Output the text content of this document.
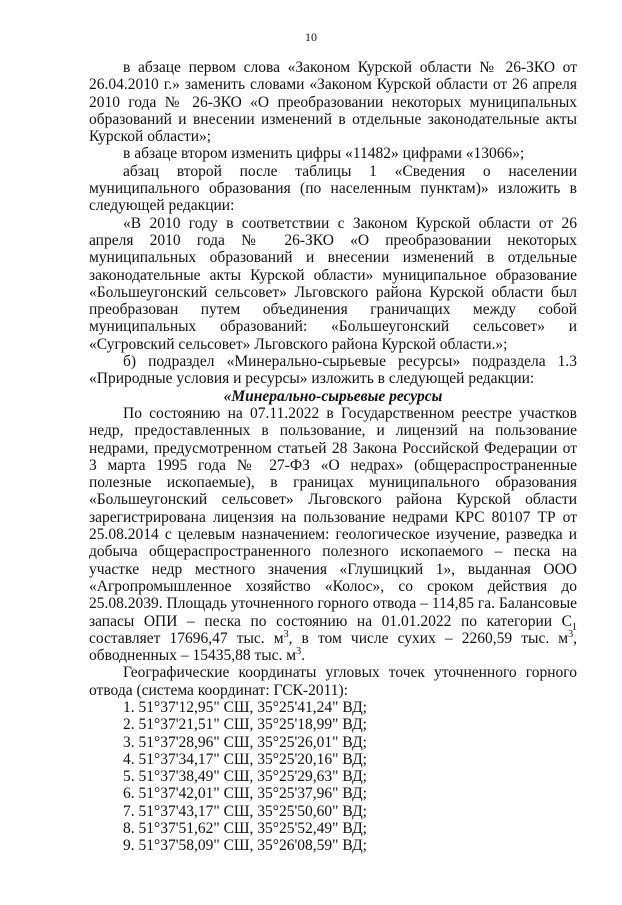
10

в абзаце первом слова «Законом Курской области № 26-ЗКО от 26.04.2010 г.» заменить словами «Законом Курской области от 26 апреля 2010 года № 26-ЗКО «О преобразовании некоторых муниципальных образований и внесении изменений в отдельные законодательные акты Курской области»;

в абзаце втором изменить цифры «11482» цифрами «13066»;

абзац второй после таблицы 1 «Сведения о населении муниципального образования (по населенным пунктам)» изложить в следующей редакции:

«В 2010 году в соответствии с Законом Курской области от 26 апреля 2010 года № 26-ЗКО «О преобразовании некоторых муниципальных образований и внесении изменений в отдельные законодательные акты Курской области» муниципальное образование «Большеугонский сельсовет» Льговского района Курской области был преобразован путем объединения граничащих между собой муниципальных образований: «Большеугонский сельсовет» и «Сугровский сельсовет» Льговского района Курской области.»;

б) подраздел «Минерально-сырьевые ресурсы» подраздела 1.3 «Природные условия и ресурсы» изложить в следующей редакции:

«Минерально-сырьевые ресурсы

По состоянию на 07.11.2022 в Государственном реестре участков недр, предоставленных в пользование, и лицензий на пользование недрами, предусмотренном статьей 28 Закона Российской Федерации от 3 марта 1995 года № 27-ФЗ «О недрах» (общераспространенные полезные ископаемые), в границах муниципального образования «Большеугонский сельсовет» Льговского района Курской области зарегистрирована лицензия на пользование недрами КРС 80107 ТР от 25.08.2014 с целевым назначением: геологическое изучение, разведка и добыча общераспространенного полезного ископаемого – песка на участке недр местного значения «Глушицкий 1», выданная ООО «Агропромышленное хозяйство «Колос», со сроком действия до 25.08.2039. Площадь уточненного горного отвода – 114,85 га. Балансовые запасы ОПИ – песка по состоянию на 01.01.2022 по категории $С_1$ составляет 17696,47 тыс. $м^3$, в том числе сухих – 2260,59 тыс. $м^3$, обводненных – 15435,88 тыс. $м^3$.

Географические координаты угловых точек уточненного горного отвода (система координат: ГСК-2011):

1. 51°37'12,95" СШ, 35°25'41,24" ВД;
2. 51°37'21,51" СШ, 35°25'18,99" ВД;
3. 51°37'28,96" СШ, 35°25'26,01" ВД;
4. 51°37'34,17" СШ, 35°25'20,16" ВД;
5. 51°37'38,49" СШ, 35°25'29,63" ВД;
6. 51°37'42,01" СШ, 35°25'37,96" ВД;
7. 51°37'43,17" СШ, 35°25'50,60" ВД;
8. 51°37'51,62" СШ, 35°25'52,49" ВД;
9. 51°37'58,09" СШ, 35°26'08,59" ВД;
